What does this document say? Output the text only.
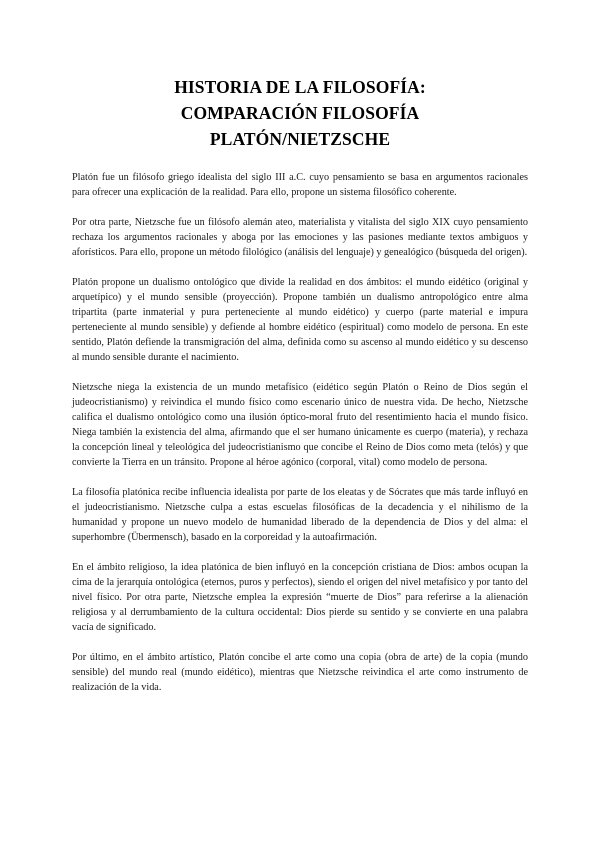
HISTORIA DE LA FILOSOFÍA:
COMPARACIÓN FILOSOFÍA
PLATÓN/NIETZSCHE

Platón fue un filósofo griego idealista del siglo III a.C. cuyo pensamiento se basa en argumentos racionales para ofrecer una explicación de la realidad. Para ello, propone un sistema filosófico coherente.

Por otra parte, Nietzsche fue un filósofo alemán ateo, materialista y vitalista del siglo XIX cuyo pensamiento rechaza los argumentos racionales y aboga por las emociones y las pasiones mediante textos ambiguos y aforísticos. Para ello, propone un método filológico (análisis del lenguaje) y genealógico (búsqueda del origen).

Platón propone un dualismo ontológico que divide la realidad en dos ámbitos: el mundo eidético (original y arquetípico) y el mundo sensible (proyección). Propone también un dualismo antropológico entre alma tripartita (parte inmaterial y pura perteneciente al mundo eidético) y cuerpo (parte material e impura perteneciente al mundo sensible) y defiende al hombre eidético (espiritual) como modelo de persona. En este sentido, Platón defiende la transmigración del alma, definida como su ascenso al mundo eidético y su descenso al mundo sensible durante el nacimiento.

Nietzsche niega la existencia de un mundo metafísico (eidético según Platón o Reino de Dios según el judeocristianismo) y reivindica el mundo físico como escenario único de nuestra vida. De hecho, Nietzsche califica el dualismo ontológico como una ilusión óptico-moral fruto del resentimiento hacia el mundo físico. Niega también la existencia del alma, afirmando que el ser humano únicamente es cuerpo (materia), y rechaza la concepción lineal y teleológica del judeocristianismo que concibe el Reino de Dios como meta (telós) y que convierte la Tierra en un tránsito. Propone al héroe agónico (corporal, vital) como modelo de persona.

La filosofía platónica recibe influencia idealista por parte de los eleatas y de Sócrates que más tarde influyó en el judeocristianismo. Nietzsche culpa a estas escuelas filosóficas de la decadencia y el nihilismo de la humanidad y propone un nuevo modelo de humanidad liberado de la dependencia de Dios y del alma: el superhombre (Übermensch), basado en la corporeidad y la autoafirmación.

En el ámbito religioso, la idea platónica de bien influyó en la concepción cristiana de Dios: ambos ocupan la cima de la jerarquía ontológica (eternos, puros y perfectos), siendo el origen del nivel metafísico y por tanto del nivel físico. Por otra parte, Nietzsche emplea la expresión “muerte de Dios” para referirse a la alienación religiosa y al derrumbamiento de la cultura occidental: Dios pierde su sentido y se convierte en una palabra vacía de significado.

Por último, en el ámbito artístico, Platón concibe el arte como una copia (obra de arte) de la copia (mundo sensible) del mundo real (mundo eidético), mientras que Nietzsche reivindica el arte como instrumento de realización de la vida.
